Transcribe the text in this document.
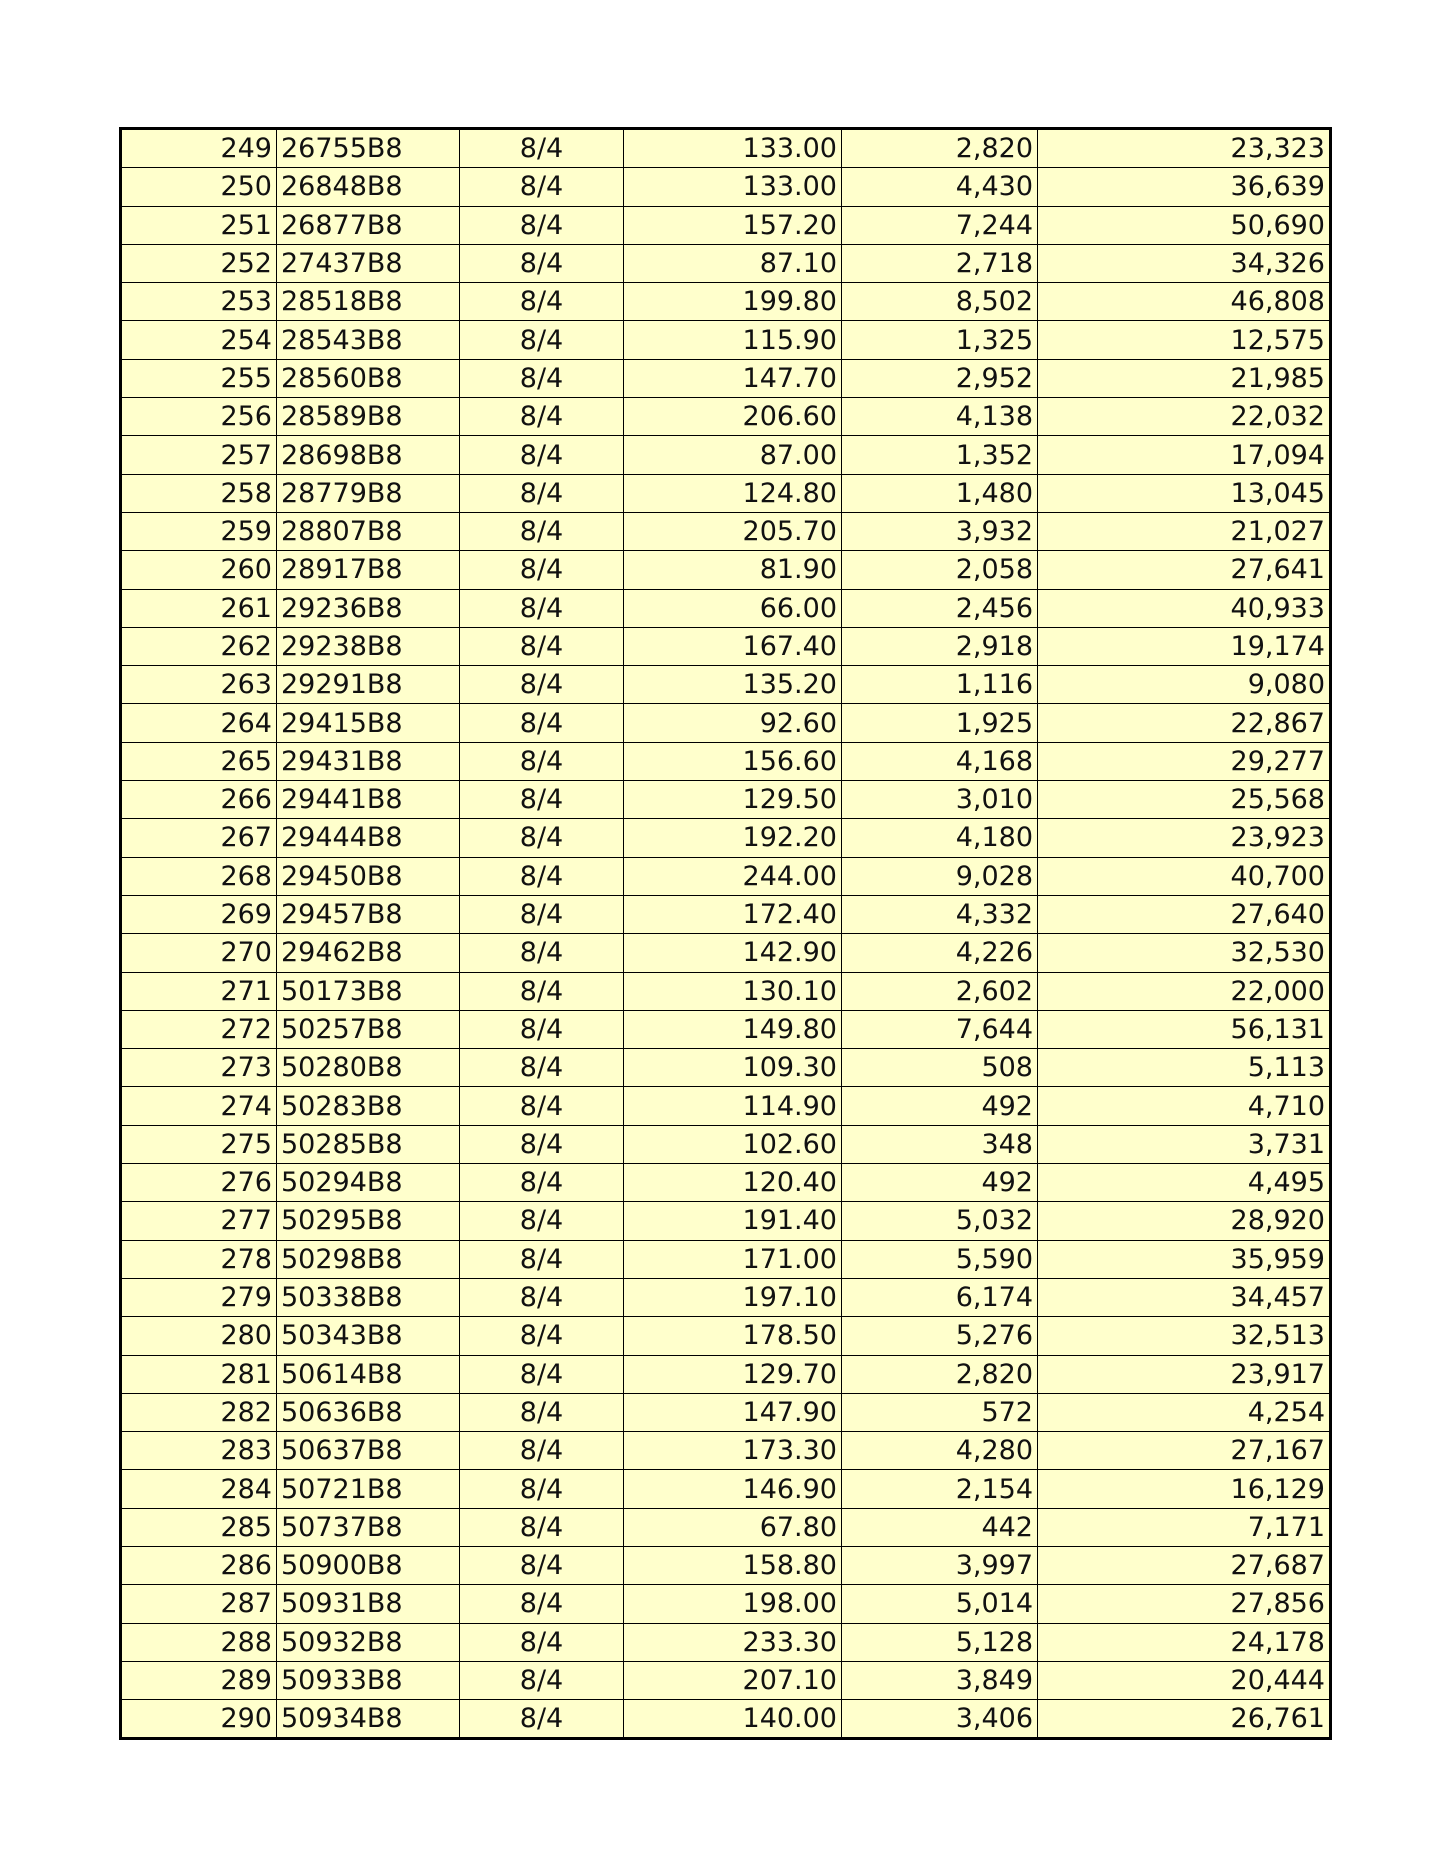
249	26755B8	8/4	133.00	2,820	23,323
250	26848B8	8/4	133.00	4,430	36,639
251	26877B8	8/4	157.20	7,244	50,690
252	27437B8	8/4	87.10	2,718	34,326
253	28518B8	8/4	199.80	8,502	46,808
254	28543B8	8/4	115.90	1,325	12,575
255	28560B8	8/4	147.70	2,952	21,985
256	28589B8	8/4	206.60	4,138	22,032
257	28698B8	8/4	87.00	1,352	17,094
258	28779B8	8/4	124.80	1,480	13,045
259	28807B8	8/4	205.70	3,932	21,027
260	28917B8	8/4	81.90	2,058	27,641
261	29236B8	8/4	66.00	2,456	40,933
262	29238B8	8/4	167.40	2,918	19,174
263	29291B8	8/4	135.20	1,116	9,080
264	29415B8	8/4	92.60	1,925	22,867
265	29431B8	8/4	156.60	4,168	29,277
266	29441B8	8/4	129.50	3,010	25,568
267	29444B8	8/4	192.20	4,180	23,923
268	29450B8	8/4	244.00	9,028	40,700
269	29457B8	8/4	172.40	4,332	27,640
270	29462B8	8/4	142.90	4,226	32,530
271	50173B8	8/4	130.10	2,602	22,000
272	50257B8	8/4	149.80	7,644	56,131
273	50280B8	8/4	109.30	508	5,113
274	50283B8	8/4	114.90	492	4,710
275	50285B8	8/4	102.60	348	3,731
276	50294B8	8/4	120.40	492	4,495
277	50295B8	8/4	191.40	5,032	28,920
278	50298B8	8/4	171.00	5,590	35,959
279	50338B8	8/4	197.10	6,174	34,457
280	50343B8	8/4	178.50	5,276	32,513
281	50614B8	8/4	129.70	2,820	23,917
282	50636B8	8/4	147.90	572	4,254
283	50637B8	8/4	173.30	4,280	27,167
284	50721B8	8/4	146.90	2,154	16,129
285	50737B8	8/4	67.80	442	7,171
286	50900B8	8/4	158.80	3,997	27,687
287	50931B8	8/4	198.00	5,014	27,856
288	50932B8	8/4	233.30	5,128	24,178
289	50933B8	8/4	207.10	3,849	20,444
290	50934B8	8/4	140.00	3,406	26,761
